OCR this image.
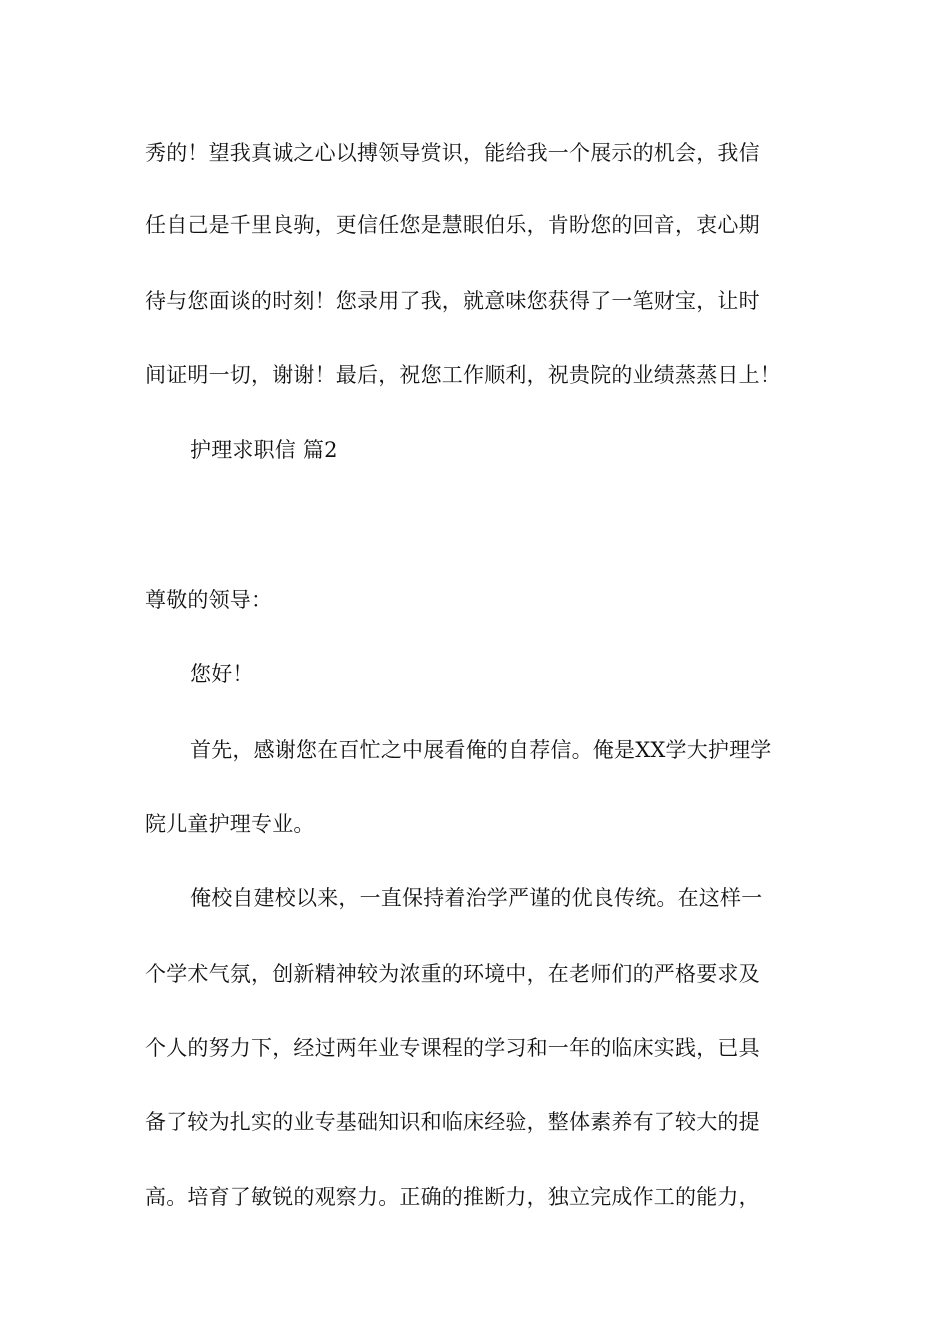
秀的！望我真诚之心以搏领导赏识，能给我一个展示的机会，我信
任自己是千里良驹，更信任您是慧眼伯乐，肯盼您的回音，衷心期
待与您面谈的时刻！您录用了我，就意味您获得了一笔财宝，让时
间证明一切，谢谢！最后，祝您工作顺利，祝贵院的业绩蒸蒸日上！
护理求职信 篇2
尊敬的领导：
您好！
首先，感谢您在百忙之中展看俺的自荐信。俺是XX学大护理学
院儿童护理专业。
俺校自建校以来，一直保持着治学严谨的优良传统。在这样一
个学术气氛，创新精神较为浓重的环境中，在老师们的严格要求及
个人的努力下，经过两年业专课程的学习和一年的临床实践，已具
备了较为扎实的业专基础知识和临床经验，整体素养有了较大的提
高。培育了敏锐的观察力。正确的推断力，独立完成作工的能力，
